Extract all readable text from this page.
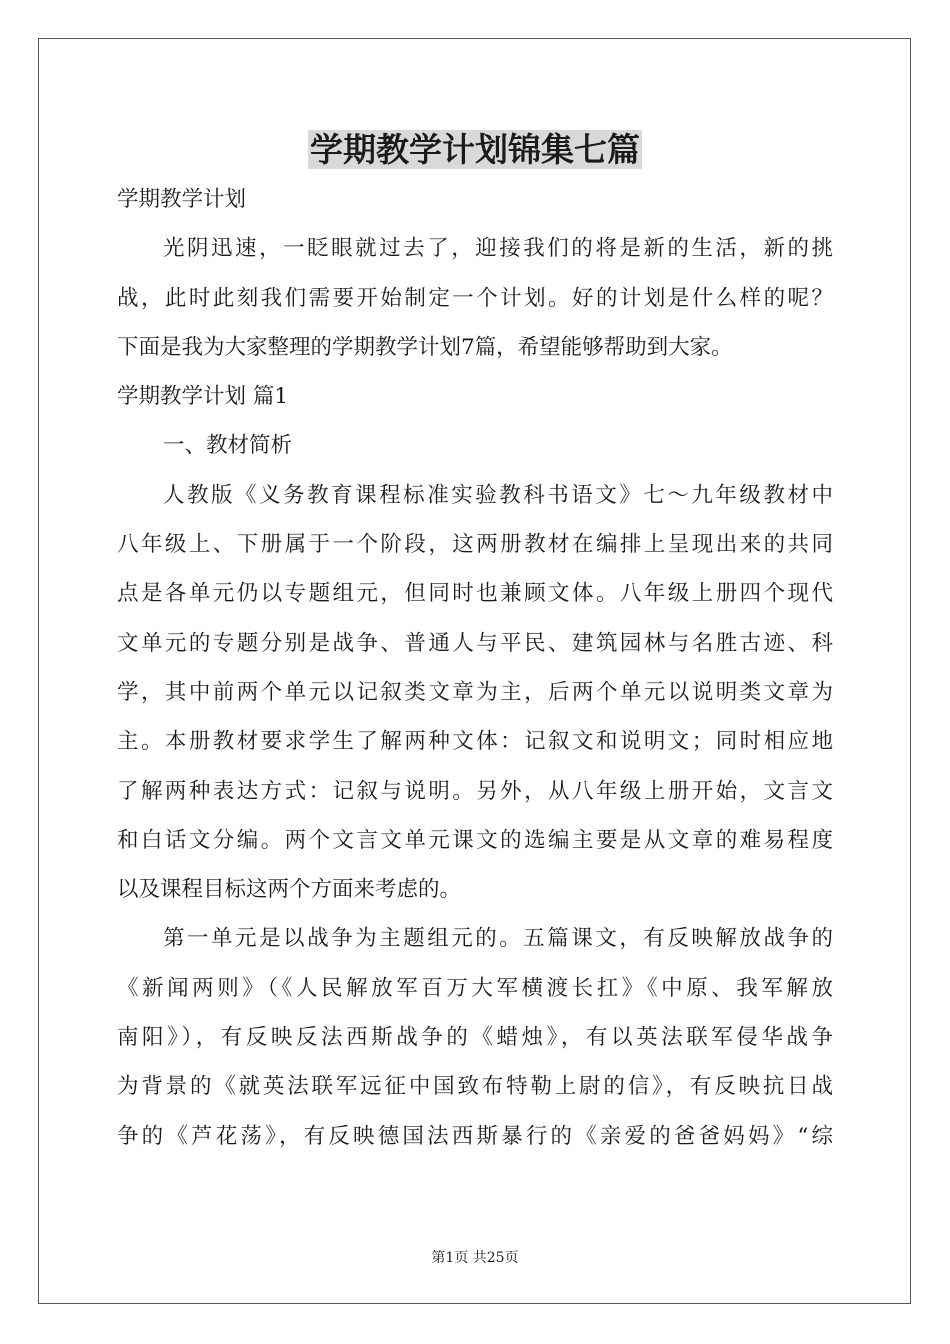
学期教学计划锦集七篇
学期教学计划
光阴迅速，一眨眼就过去了，迎接我们的将是新的生活，新的挑
战，此时此刻我们需要开始制定一个计划。好的计划是什么样的呢？
下面是我为大家整理的学期教学计划7篇，希望能够帮助到大家。
学期教学计划 篇1
一、教材简析
人教版《义务教育课程标准实验教科书语文》七～九年级教材中
八年级上、下册属于一个阶段，这两册教材在编排上呈现出来的共同
点是各单元仍以专题组元，但同时也兼顾文体。八年级上册四个现代
文单元的专题分别是战争、普通人与平民、建筑园林与名胜古迹、科
学，其中前两个单元以记叙类文章为主，后两个单元以说明类文章为
主。本册教材要求学生了解两种文体：记叙文和说明文；同时相应地
了解两种表达方式：记叙与说明。另外，从八年级上册开始，文言文
和白话文分编。两个文言文单元课文的选编主要是从文章的难易程度
以及课程目标这两个方面来考虑的。
第一单元是以战争为主题组元的。五篇课文，有反映解放战争的
《新闻两则》（《人民解放军百万大军横渡长扛》《中原、我军解放
南阳》），有反映反法西斯战争的《蜡烛》，有以英法联军侵华战争
为背景的《就英法联军远征中国致布特勒上尉的信》，有反映抗日战
争的《芦花荡》，有反映德国法西斯暴行的《亲爱的爸爸妈妈》“综
第1页 共25页
